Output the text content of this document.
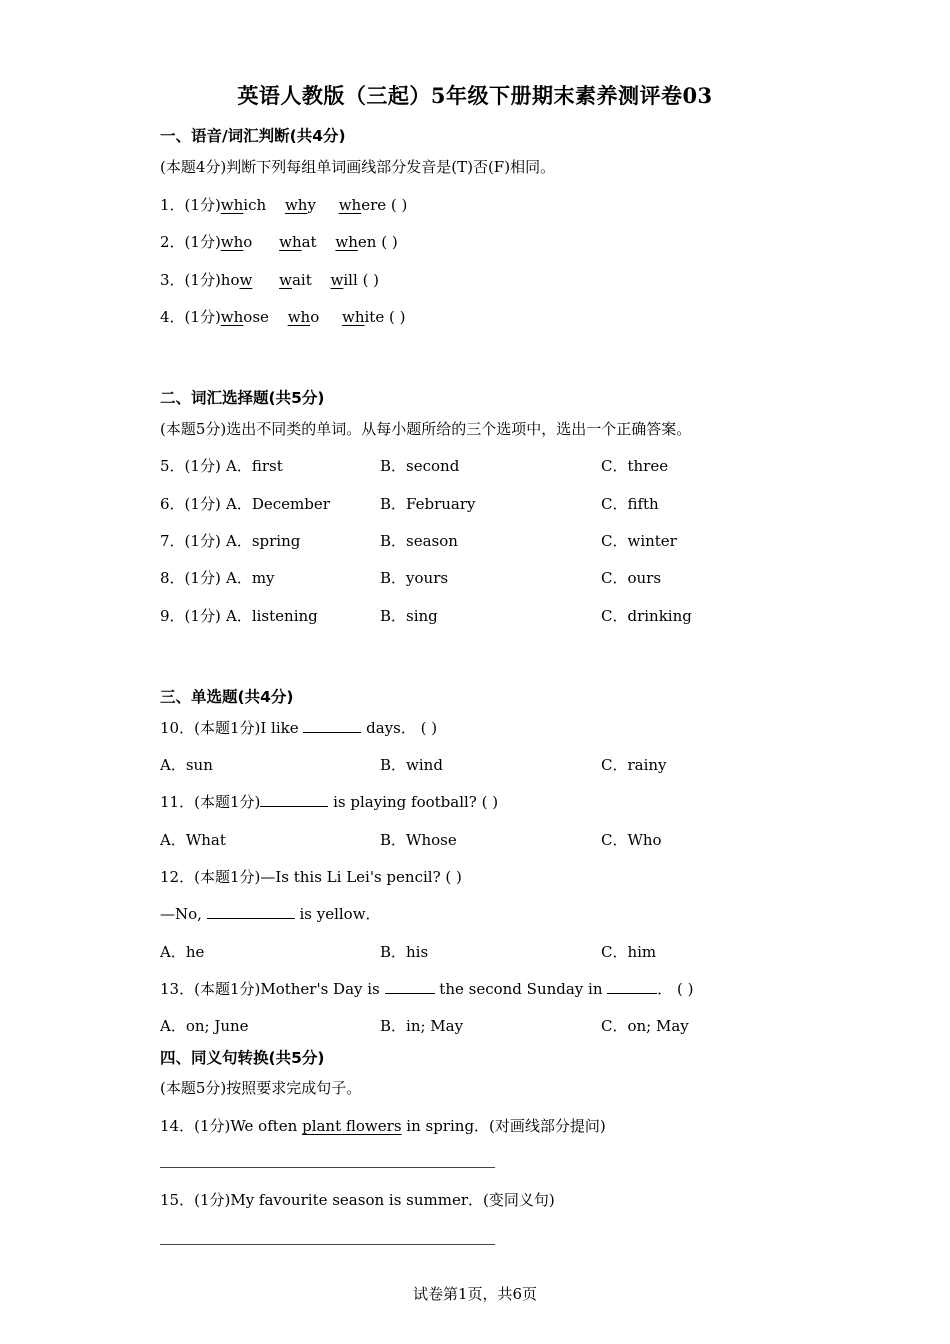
英语人教版（三起）5年级下册期末素养测评卷03
一、语音/词汇判断(共4分)
(本题4分)判断下列每组单词画线部分发音是(T)否(F)相同。
1．(1分)which why where ( )
2．(1分)who what when ( )
3．(1分)how wait will ( )
4．(1分)whose who white ( )
二、词汇选择题(共5分)
(本题5分)选出不同类的单词。从每小题所给的三个选项中，选出一个正确答案。
5．(1分) A．first	B．second	C．three
6．(1分) A．December	B．February	C．fifth
7．(1分) A．spring	B．season	C．winter
8．(1分) A．my	B．yours	C．ours
9．(1分) A．listening	B．sing	C．drinking
三、单选题(共4分)
10．(本题1分)I like	days． ( )
A．sun	B．wind	C．rainy
11．(本题1分)	is playing football? ( )
A．What	B．Whose	C．Who
12．(本题1分)—Is this Li Lei's pencil? ( )
—No,	is yellow．
A．he	B．his	C．him
13．(本题1分)Mother's Day is	the second Sunday in	． ( )
A．on; June	B．in; May	C．on; May
四、同义句转换(共5分)
(本题5分)按照要求完成句子。
14．(1分)We often plant flowers in spring．(对画线部分提问)
15．(1分)My favourite season is summer．(变同义句)
试卷第1页，共6页
